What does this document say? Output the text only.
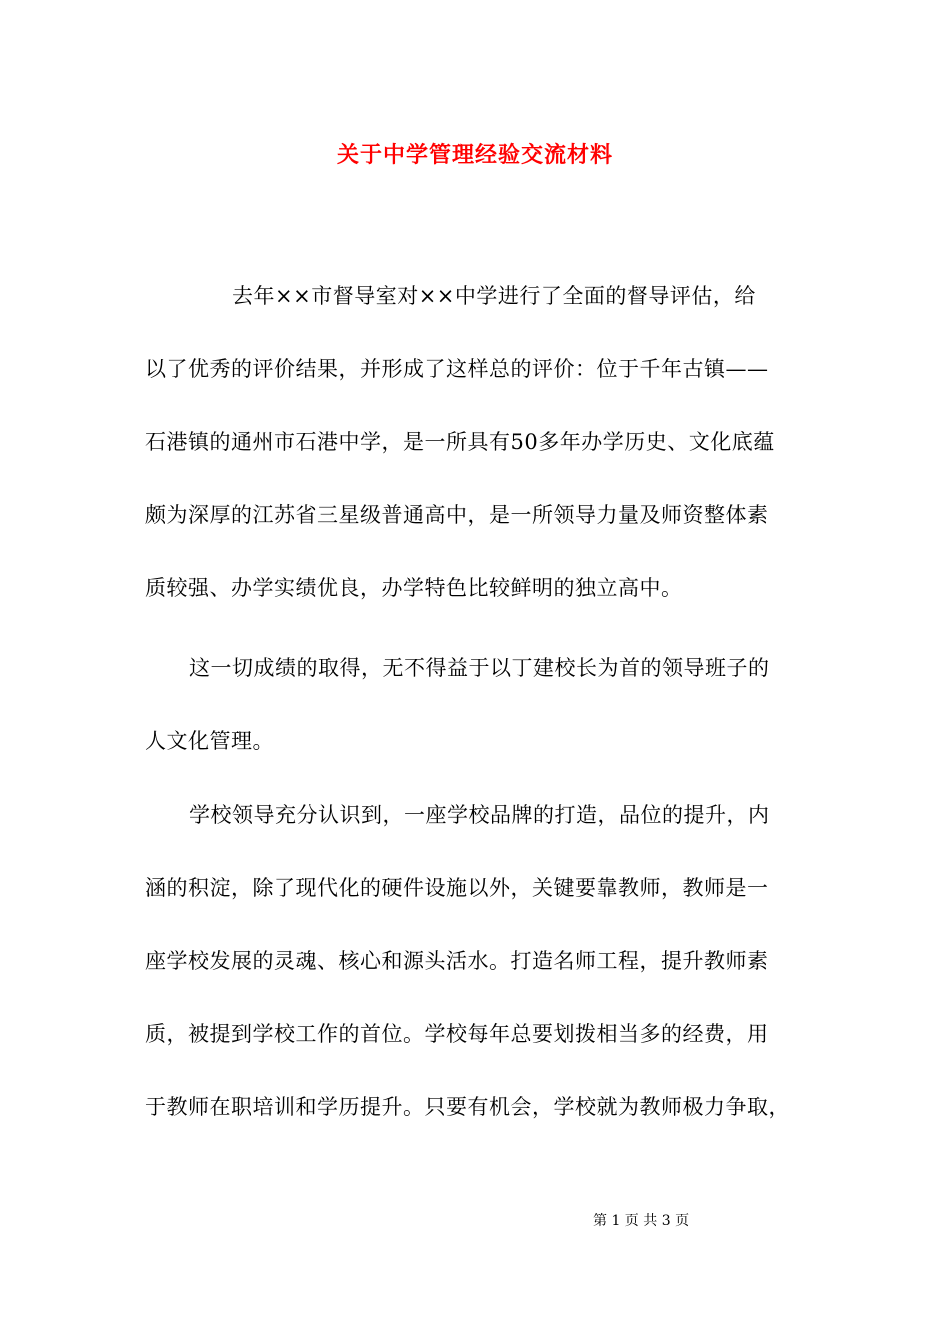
关于中学管理经验交流材料
去年××市督导室对××中学进行了全面的督导评估，给
以了优秀的评价结果，并形成了这样总的评价：位于千年古镇——
石港镇的通州市石港中学，是一所具有50多年办学历史、文化底蕴
颇为深厚的江苏省三星级普通高中，是一所领导力量及师资整体素
质较强、办学实绩优良，办学特色比较鲜明的独立高中。
这一切成绩的取得，无不得益于以丁建校长为首的领导班子的
人文化管理。
学校领导充分认识到，一座学校品牌的打造，品位的提升，内
涵的积淀，除了现代化的硬件设施以外，关键要靠教师，教师是一
座学校发展的灵魂、核心和源头活水。打造名师工程，提升教师素
质，被提到学校工作的首位。学校每年总要划拨相当多的经费，用
于教师在职培训和学历提升。只要有机会，学校就为教师极力争取，
第 1 页 共 3 页
